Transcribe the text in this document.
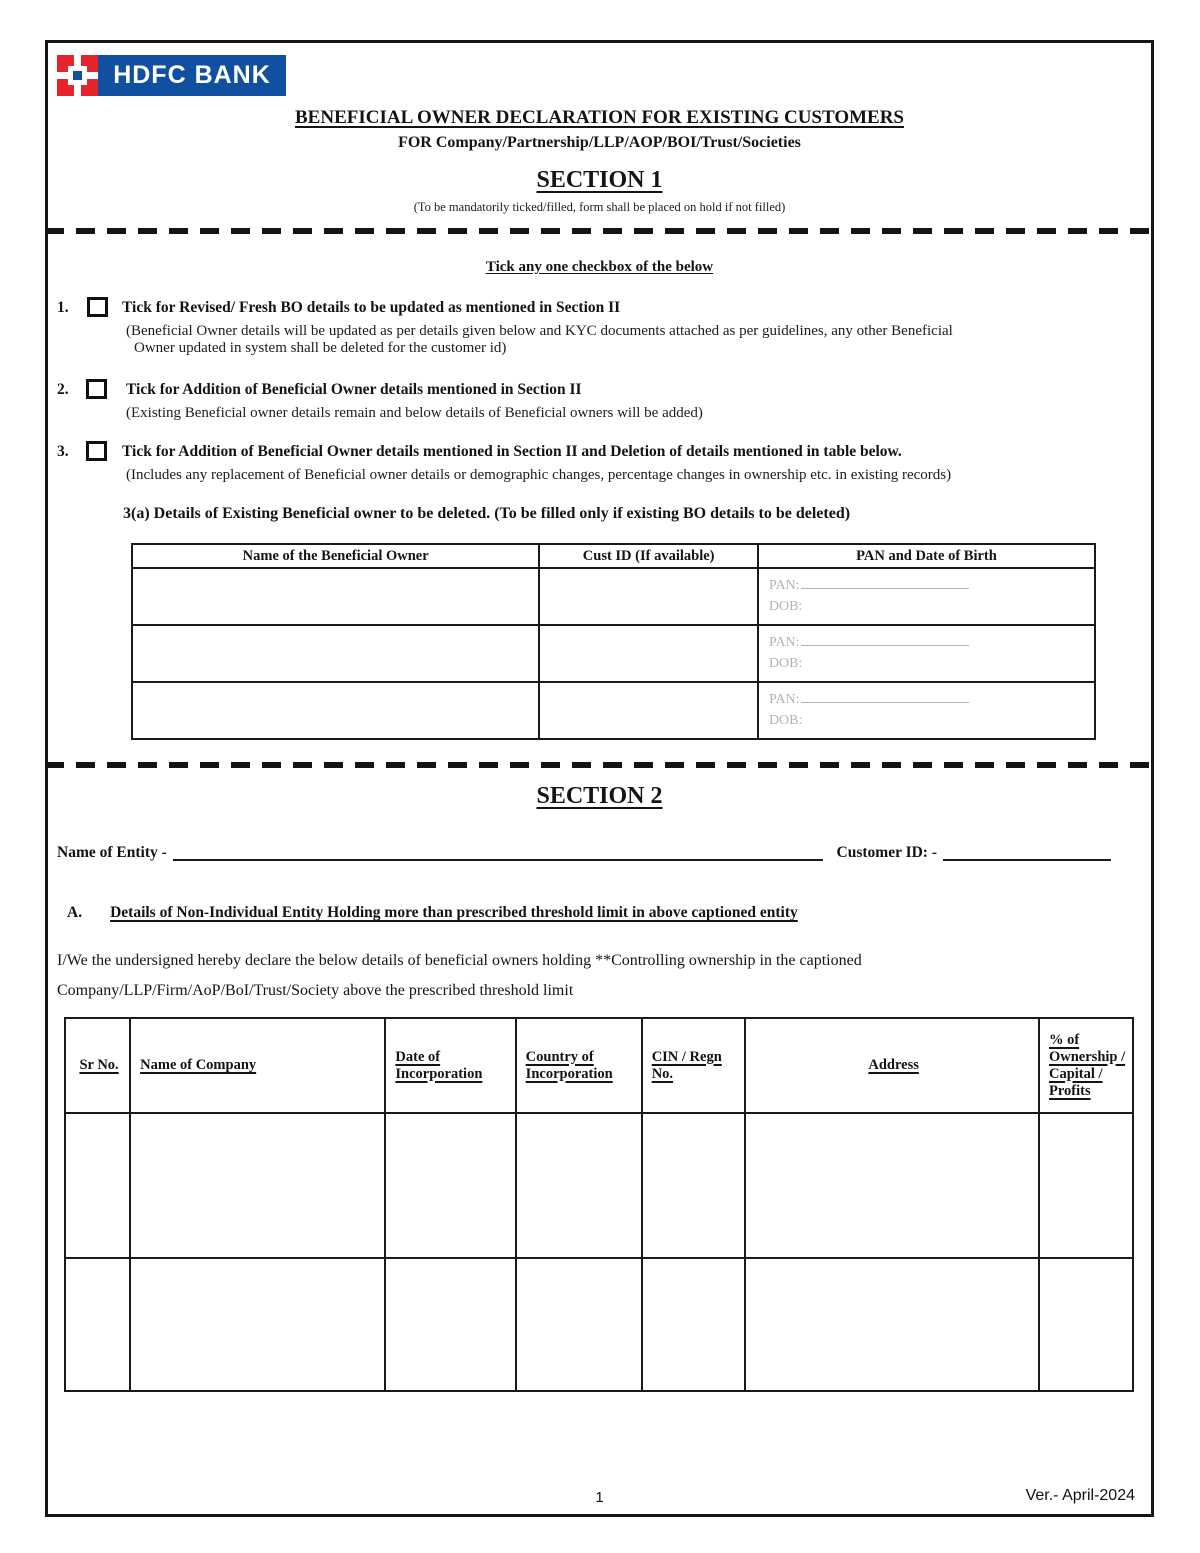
HDFC BANK
BENEFICIAL OWNER DECLARATION FOR EXISTING CUSTOMERS
FOR Company/Partnership/LLP/AOP/BOI/Trust/Societies
SECTION 1
(To be mandatorily ticked/filled, form shall be placed on hold if not filled)
Tick any one checkbox of the below
1.	Tick for Revised/ Fresh BO details to be updated as mentioned in Section II
(Beneficial Owner details will be updated as per details given below and KYC documents attached as per guidelines, any other Beneficial
Owner updated in system shall be deleted for the customer id)
2.	Tick for Addition of Beneficial Owner details mentioned in Section II
(Existing Beneficial owner details remain and below details of Beneficial owners will be added)
3.	Tick for Addition of Beneficial Owner details mentioned in Section II and Deletion of details mentioned in table below.
(Includes any replacement of Beneficial owner details or demographic changes, percentage changes in ownership etc. in existing records)
3(a) Details of Existing Beneficial owner to be deleted. (To be filled only if existing BO details to be deleted)
Name of the Beneficial Owner	Cust ID (If available)	PAN and Date of Birth

		PAN:
DOB:

		PAN:
DOB:

		PAN:
DOB:
SECTION 2
Name of Entity -	Customer ID: -
A. Details of Non-Individual Entity Holding more than prescribed threshold limit in above captioned entity
I/We the undersigned hereby declare the below details of beneficial owners holding **Controlling ownership in the captioned
Company/LLP/Firm/AoP/BoI/Trust/Society above the prescribed threshold limit
Sr No.	Name of Company	Date of Incorporation	Country of Incorporation	CIN / Regn No.	Address	% of Ownership / Capital / Profits

1	Ver.- April-2024
